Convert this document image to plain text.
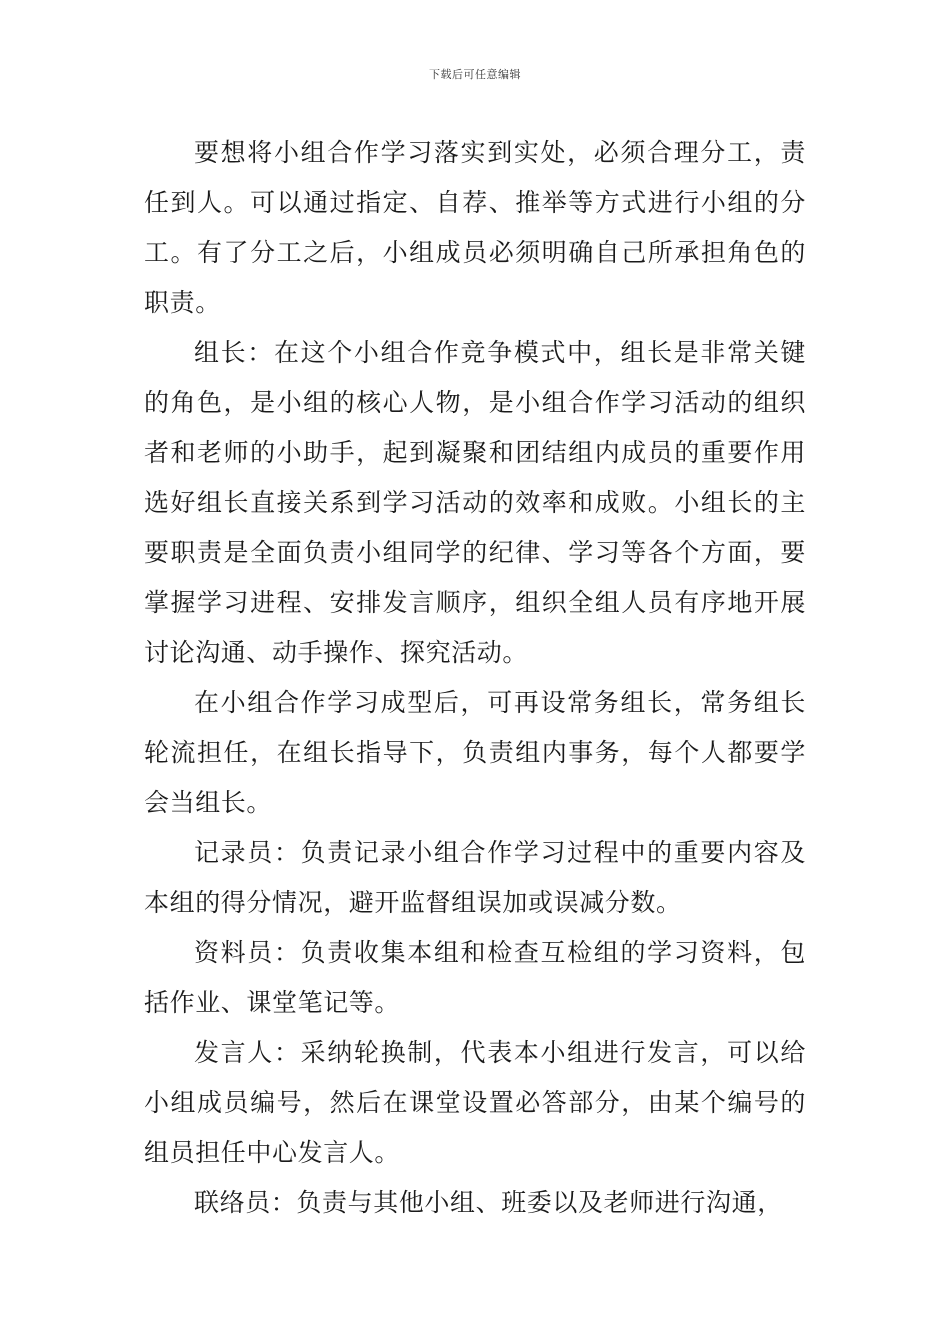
下载后可任意编辑

要想将小组合作学习落实到实处，必须合理分工，责任到人。可以通过指定、自荐、推举等方式进行小组的分工。有了分工之后，小组成员必须明确自己所承担角色的职责。

组长：在这个小组合作竞争模式中，组长是非常关键的角色，是小组的核心人物，是小组合作学习活动的组织者和老师的小助手，起到凝聚和团结组内成员的重要作用选好组长直接关系到学习活动的效率和成败。小组长的主要职责是全面负责小组同学的纪律、学习等各个方面，要掌握学习进程、安排发言顺序，组织全组人员有序地开展讨论沟通、动手操作、探究活动。

在小组合作学习成型后，可再设常务组长，常务组长轮流担任，在组长指导下，负责组内事务，每个人都要学会当组长。

记录员：负责记录小组合作学习过程中的重要内容及本组的得分情况，避开监督组误加或误减分数。

资料员：负责收集本组和检查互检组的学习资料，包括作业、课堂笔记等。

发言人：采纳轮换制，代表本小组进行发言，可以给小组成员编号，然后在课堂设置必答部分，由某个编号的组员担任中心发言人。

联络员：负责与其他小组、班委以及老师进行沟通，
